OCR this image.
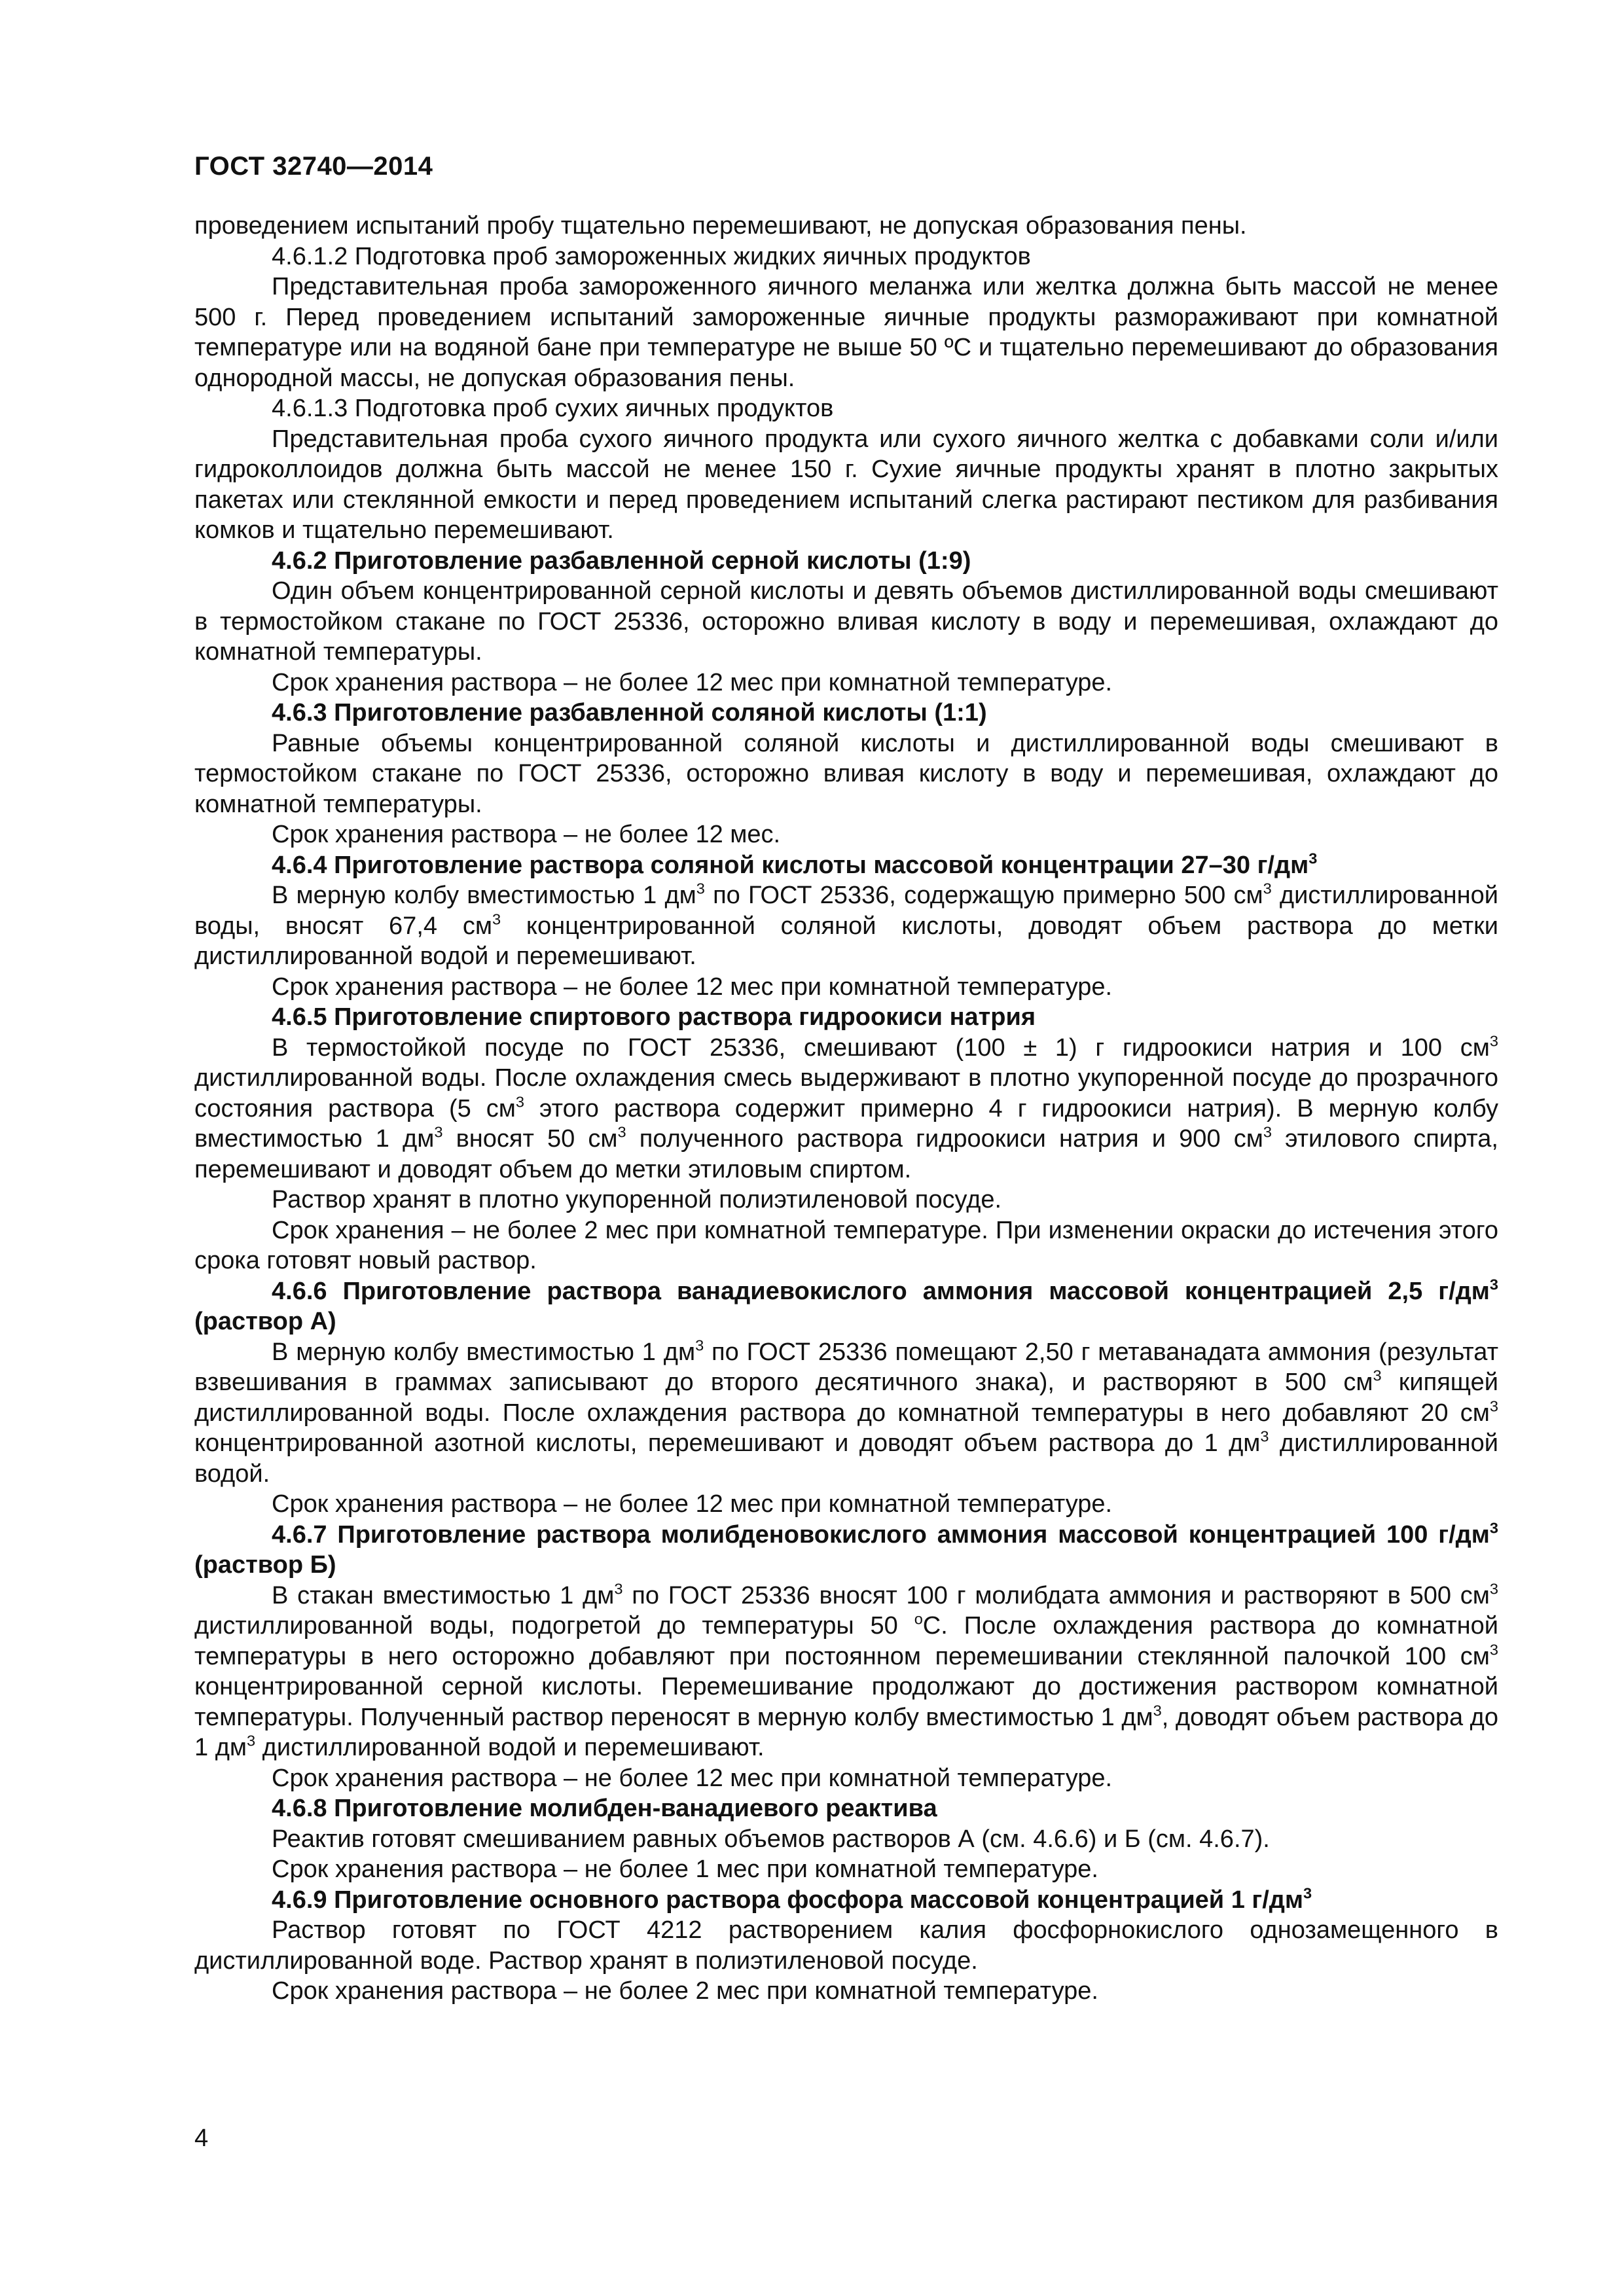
ГОСТ 32740—2014

проведением испытаний пробу тщательно перемешивают, не допуская образования пены.

4.6.1.2 Подготовка проб замороженных жидких яичных продуктов

Представительная проба замороженного яичного меланжа или желтка должна быть массой не менее 500 г. Перед проведением испытаний замороженные яичные продукты размораживают при комнатной температуре или на водяной бане при температуре не выше 50 ºС и тщательно перемешивают до образования однородной массы, не допуская образования пены.

4.6.1.3 Подготовка проб сухих яичных продуктов

Представительная проба сухого яичного продукта или сухого яичного желтка с добавками соли и/или гидроколлоидов должна быть массой не менее 150 г. Сухие яичные продукты хранят в плотно закрытых пакетах или стеклянной емкости и перед проведением испытаний слегка растирают пестиком для разбивания комков и тщательно перемешивают.

4.6.2 Приготовление разбавленной серной кислоты (1:9)

Один объем концентрированной серной кислоты и девять объемов дистиллированной воды смешивают в термостойком стакане по ГОСТ 25336, осторожно вливая кислоту в воду и перемешивая, охлаждают до комнатной температуры.

Срок хранения раствора – не более 12 мес при комнатной температуре.

4.6.3 Приготовление разбавленной соляной кислоты (1:1)

Равные объемы концентрированной соляной кислоты и дистиллированной воды смешивают в термостойком стакане по ГОСТ 25336, осторожно вливая кислоту в воду и перемешивая, охлаждают до комнатной температуры.

Срок хранения раствора – не более 12 мес.

4.6.4 Приготовление раствора соляной кислоты массовой концентрации 27–30 $г/дм^3$

В мерную колбу вместимостью 1 $дм^3$ по ГОСТ 25336, содержащую примерно 500 $см^3$ дистиллированной воды, вносят 67,4 $см^3$ концентрированной соляной кислоты, доводят объем раствора до метки дистиллированной водой и перемешивают.

Срок хранения раствора – не более 12 мес при комнатной температуре.

4.6.5 Приготовление спиртового раствора гидроокиси натрия

В термостойкой посуде по ГОСТ 25336, смешивают (100 ± 1) г гидроокиси натрия и 100 $см^3$ дистиллированной воды. После охлаждения смесь выдерживают в плотно укупоренной посуде до прозрачного состояния раствора (5 $см^3$ этого раствора содержит примерно 4 г гидроокиси натрия). В мерную колбу вместимостью 1 $дм^3$ вносят 50 $см^3$ полученного раствора гидроокиси натрия и 900 $см^3$ этилового спирта, перемешивают и доводят объем до метки этиловым спиртом.

Раствор хранят в плотно укупоренной полиэтиленовой посуде.

Срок хранения – не более 2 мес при комнатной температуре. При изменении окраски до истечения этого срока готовят новый раствор.

4.6.6 Приготовление раствора ванадиевокислого аммония массовой концентрацией 2,5 $г/дм^3$ (раствор А)

В мерную колбу вместимостью 1 $дм^3$ по ГОСТ 25336 помещают 2,50 г метаванадата аммония (результат взвешивания в граммах записывают до второго десятичного знака), и растворяют в 500 $см^3$ кипящей дистиллированной воды. После охлаждения раствора до комнатной температуры в него добавляют 20 $см^3$ концентрированной азотной кислоты, перемешивают и доводят объем раствора до 1 $дм^3$ дистиллированной водой.

Срок хранения раствора – не более 12 мес при комнатной температуре.

4.6.7 Приготовление раствора молибденовокислого аммония массовой концентрацией 100 $г/дм^3$ (раствор Б)

В стакан вместимостью 1 $дм^3$ по ГОСТ 25336 вносят 100 г молибдата аммония и растворяют в 500 $см^3$ дистиллированной воды, подогретой до температуры 50 $^o$С. После охлаждения раствора до комнатной температуры в него осторожно добавляют при постоянном перемешивании стеклянной палочкой 100 $см^3$ концентрированной серной кислоты. Перемешивание продолжают до достижения раствором комнатной температуры. Полученный раствор переносят в мерную колбу вместимостью 1 $дм^3$, доводят объем раствора до 1 $дм^3$ дистиллированной водой и перемешивают.

Срок хранения раствора – не более 12 мес при комнатной температуре.

4.6.8 Приготовление молибден-ванадиевого реактива

Реактив готовят смешиванием равных объемов растворов А (см. 4.6.6) и Б (см. 4.6.7).

Срок хранения раствора – не более 1 мес при комнатной температуре.

4.6.9 Приготовление основного раствора фосфора массовой концентрацией 1 $г/дм^3$

Раствор готовят по ГОСТ 4212 растворением калия фосфорнокислого однозамещенного в дистиллированной воде. Раствор хранят в полиэтиленовой посуде.

Срок хранения раствора – не более 2 мес при комнатной температуре.

4
